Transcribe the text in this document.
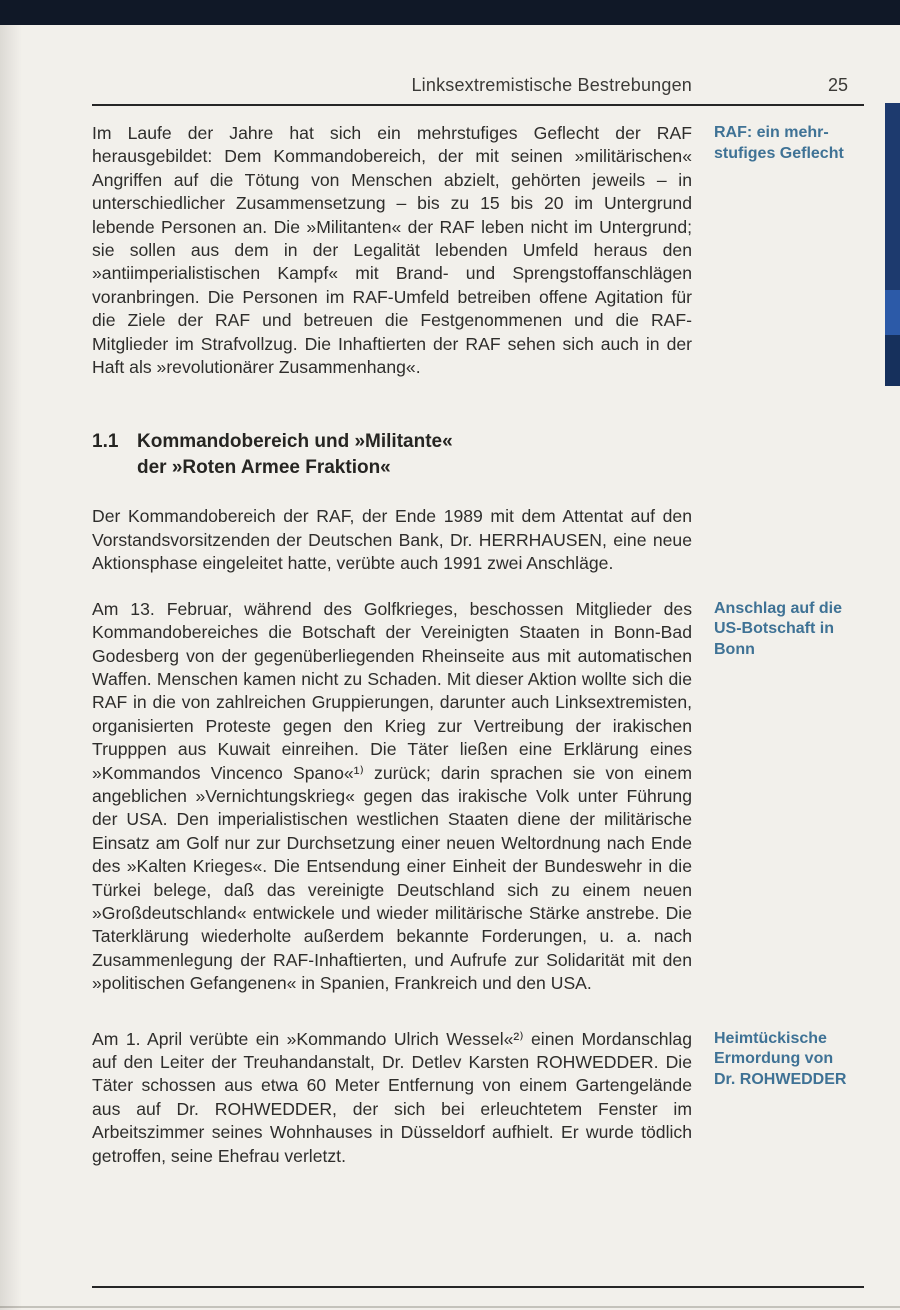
Linksextremistische Bestrebungen	25

Im Laufe der Jahre hat sich ein mehrstufiges Geflecht der RAF herausgebildet: Dem Kommandobereich, der mit seinen »militärischen« Angriffen auf die Tötung von Menschen abzielt, gehörten jeweils – in unterschiedlicher Zusammensetzung – bis zu 15 bis 20 im Untergrund lebende Personen an. Die »Militanten« der RAF leben nicht im Untergrund; sie sollen aus dem in der Legalität lebenden Umfeld heraus den »antiimperialistischen Kampf« mit Brand- und Sprengstoffanschlägen voranbringen. Die Personen im RAF-Umfeld betreiben offene Agitation für die Ziele der RAF und betreuen die Festgenommenen und die RAF-Mitglieder im Strafvollzug. Die Inhaftierten der RAF sehen sich auch in der Haft als »revolutionärer Zusammenhang«.

RAF: ein mehr-
stufiges Geflecht
1.1 Kommandobereich und »Militante«
der »Roten Armee Fraktion«

Der Kommandobereich der RAF, der Ende 1989 mit dem Attentat auf den Vorstandsvorsitzenden der Deutschen Bank, Dr. HERRHAUSEN, eine neue Aktionsphase eingeleitet hatte, verübte auch 1991 zwei Anschläge.

Am 13. Februar, während des Golfkrieges, beschossen Mitglieder des Kommandobereiches die Botschaft der Vereinigten Staaten in Bonn-Bad Godesberg von der gegenüberliegenden Rheinseite aus mit automatischen Waffen. Menschen kamen nicht zu Schaden. Mit dieser Aktion wollte sich die RAF in die von zahlreichen Gruppierungen, darunter auch Linksextremisten, organisierten Proteste gegen den Krieg zur Vertreibung der irakischen Trupppen aus Kuwait einreihen. Die Täter ließen eine Erklärung eines »Kommandos Vincenco Spano«¹⁾ zurück; darin sprachen sie von einem angeblichen »Vernichtungskrieg« gegen das irakische Volk unter Führung der USA. Den imperialistischen westlichen Staaten diene der militärische Einsatz am Golf nur zur Durchsetzung einer neuen Weltordnung nach Ende des »Kalten Krieges«. Die Entsendung einer Einheit der Bundeswehr in die Türkei belege, daß das vereinigte Deutschland sich zu einem neuen »Großdeutschland« entwickele und wieder militärische Stärke anstrebe. Die Taterklärung wiederholte außerdem bekannte Forderungen, u. a. nach Zusammenlegung der RAF-Inhaftierten, und Aufrufe zur Solidarität mit den »politischen Gefangenen« in Spanien, Frankreich und den USA.

Anschlag auf die
US-Botschaft in
Bonn

Am 1. April verübte ein »Kommando Ulrich Wessel«²⁾ einen Mordanschlag auf den Leiter der Treuhandanstalt, Dr. Detlev Karsten ROHWEDDER. Die Täter schossen aus etwa 60 Meter Entfernung von einem Gartengelände aus auf Dr. ROHWEDDER, der sich bei erleuchtetem Fenster im Arbeitszimmer seines Wohnhauses in Düsseldorf aufhielt. Er wurde tödlich getroffen, seine Ehefrau verletzt.

Heimtückische
Ermordung von
Dr. ROHWEDDER
